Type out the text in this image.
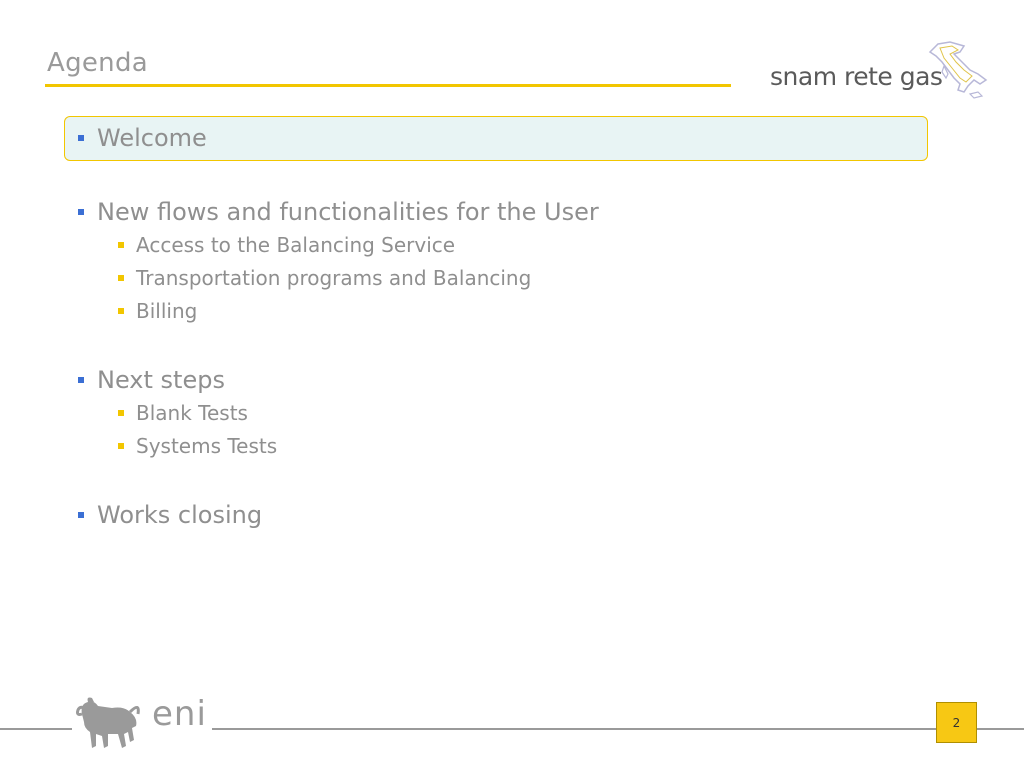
Agenda	snam rete gas
Welcome
New flows and functionalities for the User
Access to the Balancing Service
Transportation programs and Balancing
Billing
Next steps
Blank Tests
Systems Tests
Works closing
eni	2
